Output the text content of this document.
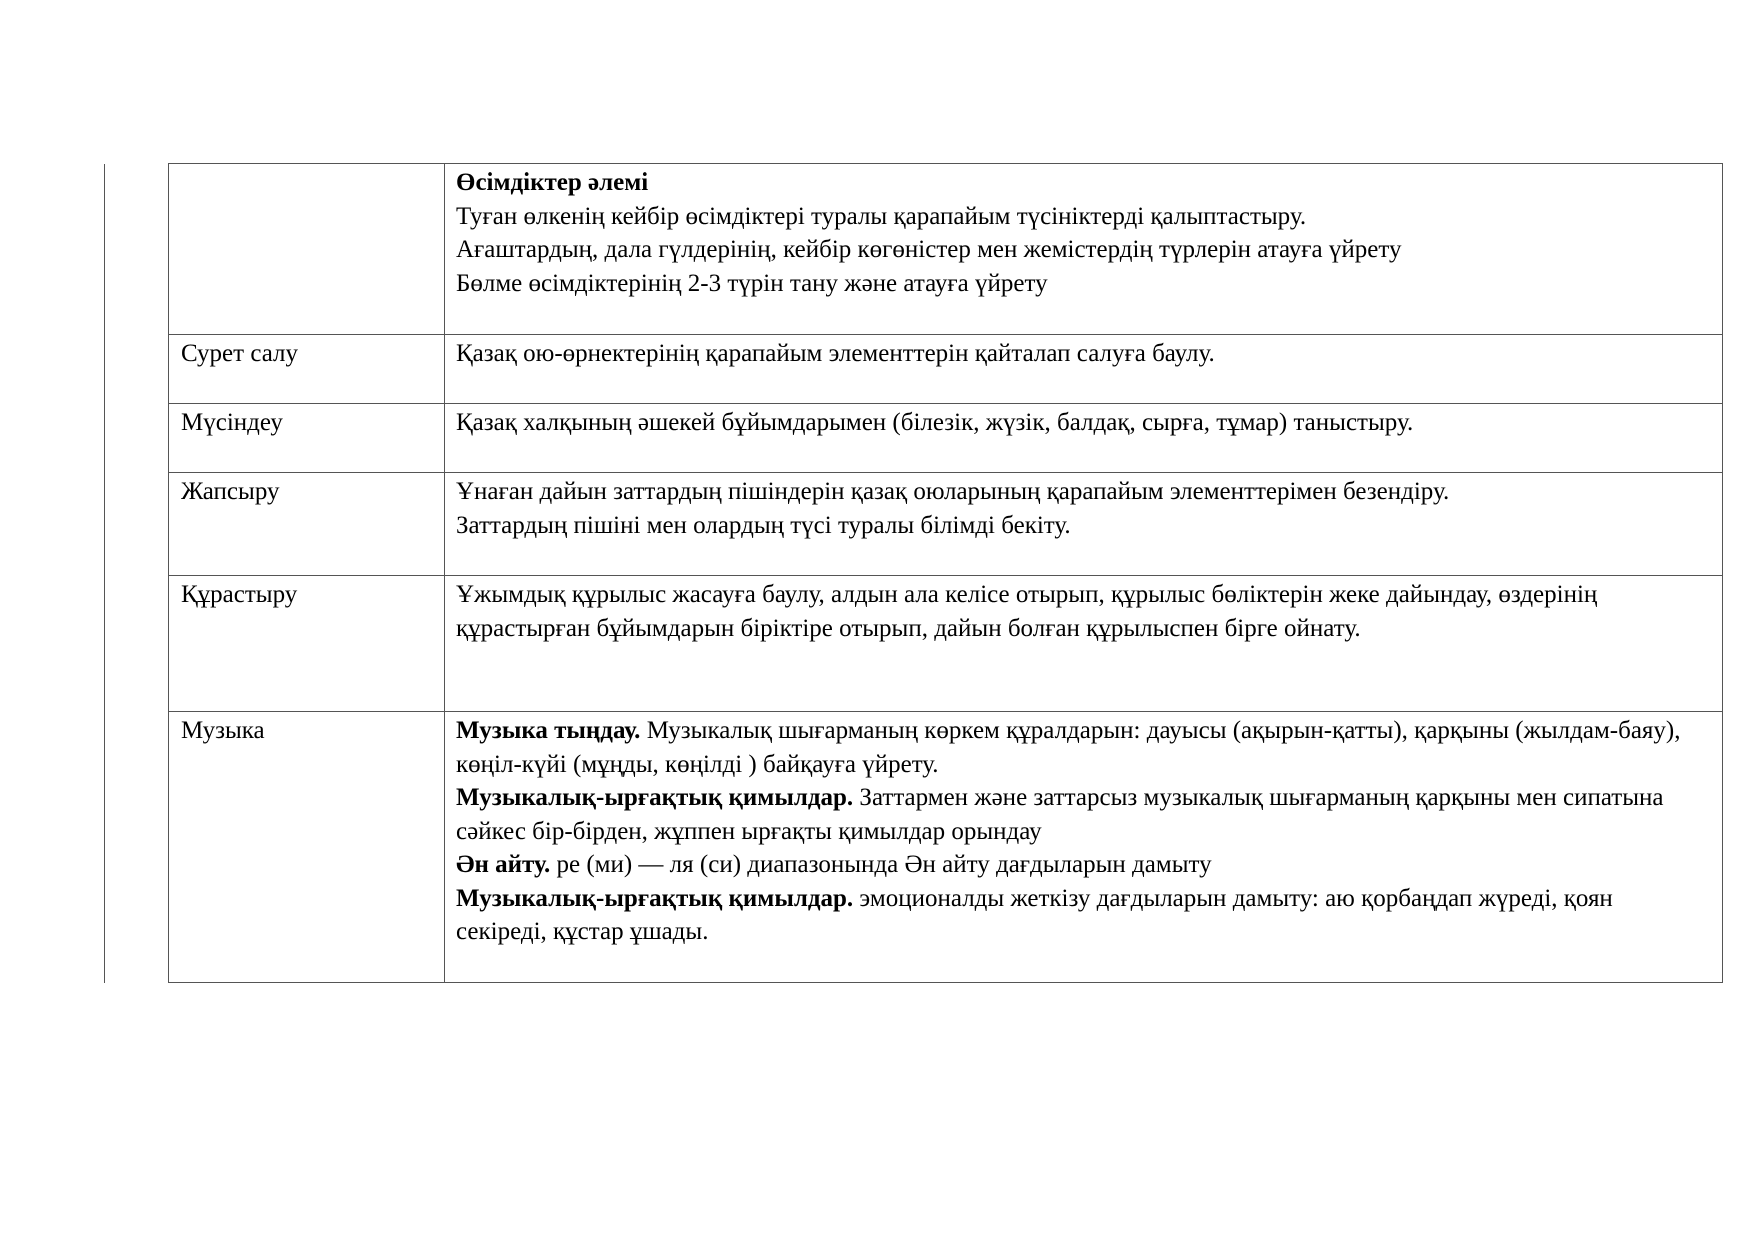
		Өсімдіктер әлемі
Туған өлкенің кейбір өсімдіктері туралы қарапайым түсініктерді қалыптастыру.
Ағаштардың, дала гүлдерінің, кейбір көгөністер мен жемістердің түрлерін атауға үйрету
Бөлме өсімдіктерінің 2-3 түрін тану және атауға үйрету

	Сурет салу	Қазақ ою-өрнектерінің қарапайым элементтерін қайталап салуға баулу.

	Мүсіндеу	Қазақ халқының әшекей бұйымдарымен (білезік, жүзік, балдақ, сырға, тұмар) таныстыру.

	Жапсыру	Ұнаған дайын заттардың пішіндерін қазақ оюларының қарапайым элементтерімен безендіру.
Заттардың пішіні мен олардың түсі туралы білімді бекіту.

	Құрастыру	Ұжымдық құрылыс жасауға баулу, алдын ала келісе отырып, құрылыс бөліктерін жеке дайындау, өздерінің құрастырған бұйымдарын біріктіре отырып, дайын болған құрылыспен бірге ойнату.

	Музыка	Музыка тыңдау. Музыкалық шығарманың көркем құралдарын: дауысы (ақырын-қатты), қарқыны (жылдам-баяу), көңіл-күйі (мұңды, көңілді ) байқауға үйрету.
Музыкалық-ырғақтық қимылдар. Заттармен және заттарсыз музыкалық шығарманың қарқыны мен сипатына сәйкес бір-бірден, жұппен ырғақты қимылдар орындау
Ән айту. ре (ми) — ля (си) диапазонында Ән айту дағдыларын дамыту
Музыкалық-ырғақтық қимылдар. эмоционалды жеткізу дағдыларын дамыту: аю қорбаңдап жүреді, қоян
секіреді, құстар ұшады.
